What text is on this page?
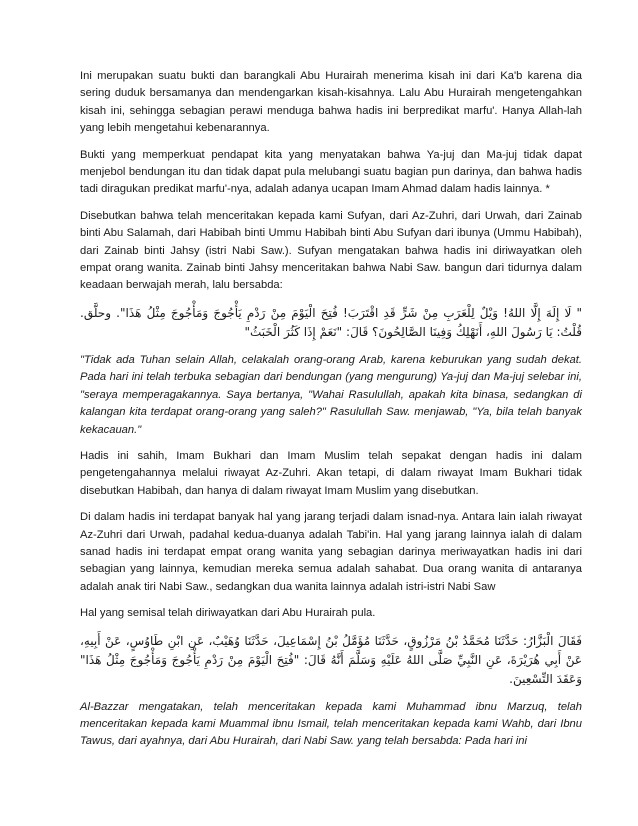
Ini merupakan suatu bukti dan barangkali Abu Hurairah menerima kisah ini dari Ka'b karena dia sering duduk bersamanya dan mendengarkan kisah-kisahnya. Lalu Abu Hurairah mengetengahkan kisah ini, sehingga sebagian perawi menduga bahwa hadis ini berpredikat marfu'. Hanya Allah-lah yang lebih mengetahui kebenarannya.

Bukti yang memperkuat pendapat kita yang menyatakan bahwa Ya-juj dan Ma-juj tidak dapat menjebol bendungan itu dan tidak dapat pula melubangi suatu bagian pun darinya, dan bahwa hadis tadi diragukan predikat marfu'-nya, adalah adanya ucapan Imam Ahmad dalam hadis lainnya. *

Disebutkan bahwa telah menceritakan kepada kami Sufyan, dari Az-Zuhri, dari Urwah, dari Zainab binti Abu Salamah, dari Habibah binti Ummu Habibah binti Abu Sufyan dari ibunya (Ummu Habibah), dari Zainab binti Jahsy (istri Nabi Saw.). Sufyan mengatakan bahwa hadis ini diriwayatkan oleh empat orang wanita. Zainab binti Jahsy menceritakan bahwa Nabi Saw. bangun dari tidurnya dalam keadaan berwajah merah, lalu bersabda:

" لَا إِلَهَ إِلَّا اللهُ! وَيْلٌ لِلْعَرَبِ مِنْ شَرٍّ قَدِ اقْتَرَبَ! فُتِحَ الْيَوْمَ مِنْ رَدْمِ يَأْجُوجَ وَمَأْجُوجَ مِثْلُ هَذَا". وحلَّق. قُلْتُ: يَا رَسُولَ اللهِ، أَنَهْلِكُ وَفِينَا الصَّالِحُونَ؟ قَالَ: "نَعَمْ إِذَا كَثُرَ الْخَبَثُ"

"Tidak ada Tuhan selain Allah, celakalah orang-orang Arab, karena keburukan yang sudah dekat. Pada hari ini telah terbuka sebagian dari bendungan (yang mengurung) Ya-juj dan Ma-juj selebar ini, "seraya memperagakannya. Saya bertanya, "Wahai Rasulullah, apakah kita binasa, sedangkan di kalangan kita terdapat orang-orang yang saleh?" Rasulullah Saw. menjawab, "Ya, bila telah banyak kekacauan."

Hadis ini sahih, Imam Bukhari dan Imam Muslim telah sepakat dengan hadis ini dalam pengetengahannya melalui riwayat Az-Zuhri. Akan tetapi, di dalam riwayat Imam Bukhari tidak disebutkan Habibah, dan hanya di dalam riwayat Imam Muslim yang disebutkan.

Di dalam hadis ini terdapat banyak hal yang jarang terjadi dalam isnad-nya. Antara lain ialah riwayat Az-Zuhri dari Urwah, padahal kedua-duanya adalah Tabi'in. Hal yang jarang lainnya ialah di dalam sanad hadis ini terdapat empat orang wanita yang sebagian darinya meriwayatkan hadis ini dari sebagian yang lainnya, kemudian mereka semua adalah sahabat. Dua orang wanita di antaranya adalah anak tiri Nabi Saw., sedangkan dua wanita lainnya adalah istri-istri Nabi Saw

Hal yang semisal telah diriwayatkan dari Abu Hurairah pula.

فَقَالَ الْبَزَّارُ: حَدَّثَنَا مُحَمَّدُ بْنُ مَرْزُوقٍ، حَدَّثَنَا مُؤَمَّلُ بْنُ إِسْمَاعِيلَ، حَدَّثَنَا وُهَيْبٌ، عَنِ ابْنِ طَاوُسٍ، عَنْ أَبِيهِ، عَنْ أَبِي هُرَيْرَةَ، عَنِ النَّبِيِّ صَلَّى اللهُ عَلَيْهِ وَسَلَّمَ أَنَّهُ قَالَ: "فُتِحَ الْيَوْمَ مِنْ رَدْمِ يَأْجُوجَ وَمَأْجُوجَ مِثْلُ هَذَا" وَعَقَدَ التِّسْعِينَ.

Al-Bazzar mengatakan, telah menceritakan kepada kami Muhammad ibnu Marzuq, telah menceritakan kepada kami Muammal ibnu Ismail, telah menceritakan kepada kami Wahb, dari Ibnu Tawus, dari ayahnya, dari Abu Hurairah, dari Nabi Saw. yang telah bersabda: Pada hari ini
